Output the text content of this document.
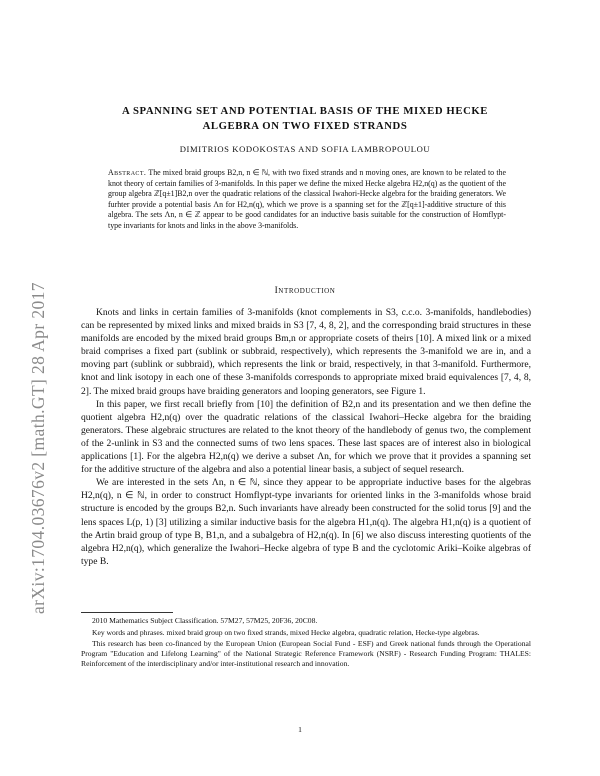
arXiv:1704.03676v2 [math.GT] 28 Apr 2017
A SPANNING SET AND POTENTIAL BASIS OF THE MIXED HECKE
ALGEBRA ON TWO FIXED STRANDS
DIMITRIOS KODOKOSTAS AND SOFIA LAMBROPOULOU
Abstract. The mixed braid groups B2,n, n ∈ ℕ, with two fixed strands and n moving ones, are known to be related to the knot theory of certain families of 3-manifolds. In this paper we define the mixed Hecke algebra H2,n(q) as the quotient of the group algebra ℤ[q±1]B2,n over the quadratic relations of the classical Iwahori-Hecke algebra for the braiding generators. We furhter provide a potential basis Λn for H2,n(q), which we prove is a spanning set for the ℤ[q±1]-additive structure of this algebra. The sets Λn, n ∈ ℤ appear to be good candidates for an inductive basis suitable for the construction of Homflypt-type invariants for knots and links in the above 3-manifolds.
Introduction

Knots and links in certain families of 3-manifolds (knot complements in S3, c.c.o. 3-manifolds, handlebodies) can be represented by mixed links and mixed braids in S3 [7, 4, 8, 2], and the corresponding braid structures in these manifolds are encoded by the mixed braid groups Bm,n or appropriate cosets of theirs [10]. A mixed link or a mixed braid comprises a fixed part (sublink or subbraid, respectively), which represents the 3-manifold we are in, and a moving part (sublink or subbraid), which represents the link or braid, respectively, in that 3-manifold. Furthermore, knot and link isotopy in each one of these 3-manifolds corresponds to appropriate mixed braid equivalences [7, 4, 8, 2]. The mixed braid groups have braiding generators and looping generators, see Figure 1.

In this paper, we first recall briefly from [10] the definition of B2,n and its presentation and we then define the quotient algebra H2,n(q) over the quadratic relations of the classical Iwahori–Hecke algebra for the braiding generators. These algebraic structures are related to the knot theory of the handlebody of genus two, the complement of the 2-unlink in S3 and the connected sums of two lens spaces. These last spaces are of interest also in biological applications [1]. For the algebra H2,n(q) we derive a subset Λn, for which we prove that it provides a spanning set for the additive structure of the algebra and also a potential linear basis, a subject of sequel research.

We are interested in the sets Λn, n ∈ ℕ, since they appear to be appropriate inductive bases for the algebras H2,n(q), n ∈ ℕ, in order to construct Homflypt-type invariants for oriented links in the 3-manifolds whose braid structure is encoded by the groups B2,n. Such invariants have already been constructed for the solid torus [9] and the lens spaces L(p, 1) [3] utilizing a similar inductive basis for the algebra H1,n(q). The algebra H1,n(q) is a quotient of the Artin braid group of type B, B1,n, and a subalgebra of H2,n(q). In [6] we also discuss interesting quotients of the algebra H2,n(q), which generalize the Iwahori–Hecke algebra of type B and the cyclotomic Ariki–Koike algebras of type B.

2010 Mathematics Subject Classification. 57M27, 57M25, 20F36, 20C08.

Key words and phrases. mixed braid group on two fixed strands, mixed Hecke algebra, quadratic relation, Hecke-type algebras.

This research has been co-financed by the European Union (European Social Fund - ESF) and Greek national funds through the Operational Program "Education and Lifelong Learning" of the National Strategic Reference Framework (NSRF) - Research Funding Program: THALES: Reinforcement of the interdisciplinary and/or inter-institutional research and innovation.

1
